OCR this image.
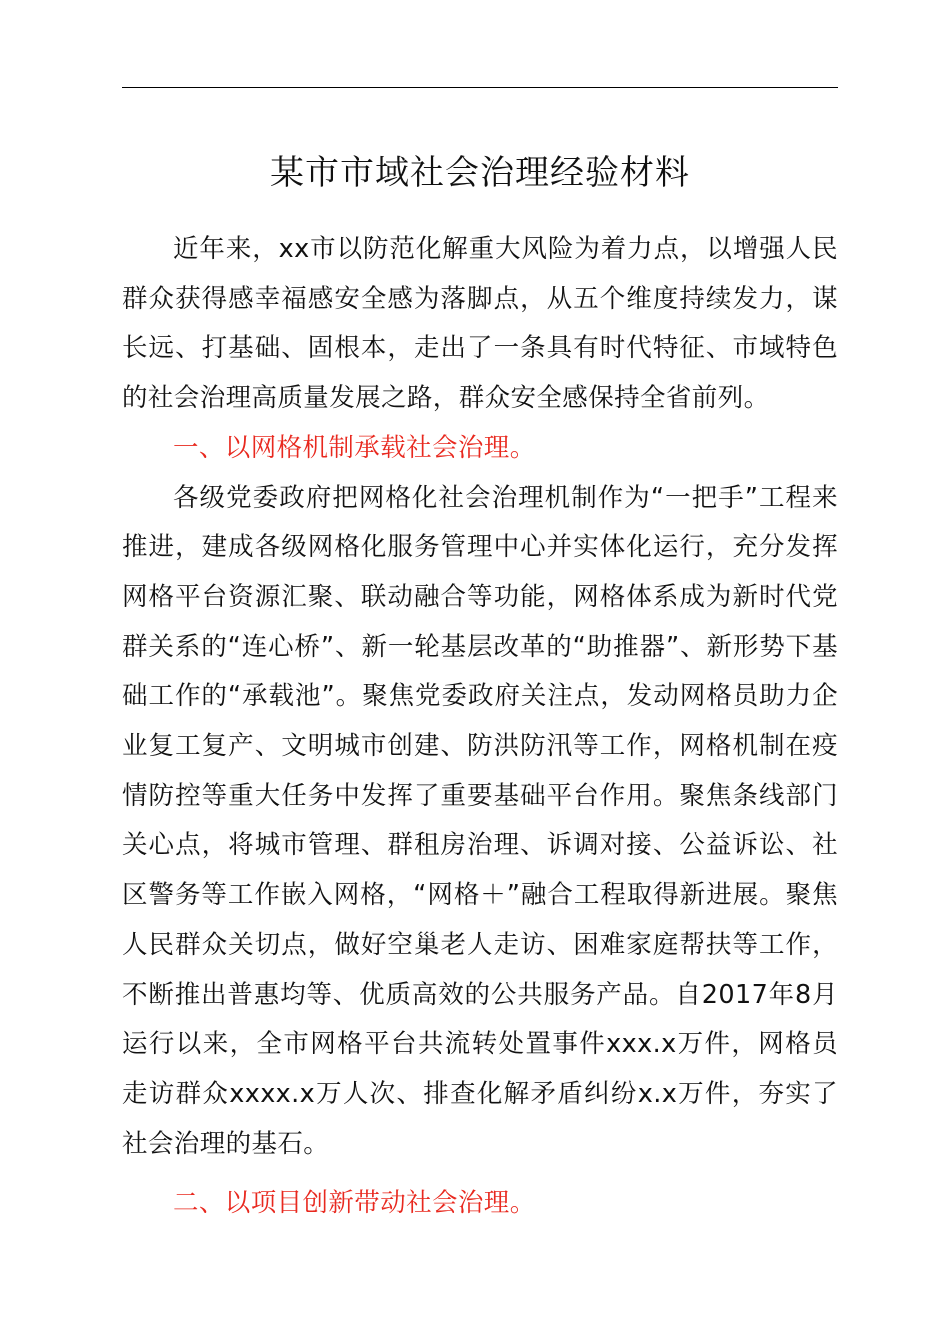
某市市域社会治理经验材料

近年来，xx市以防范化解重大风险为着力点，以增强人民群众获得感幸福感安全感为落脚点，从五个维度持续发力，谋长远、打基础、固根本，走出了一条具有时代特征、市域特色的社会治理高质量发展之路，群众安全感保持全省前列。

一、以网格机制承载社会治理。

各级党委政府把网格化社会治理机制作为“一把手”工程来推进，建成各级网格化服务管理中心并实体化运行，充分发挥网格平台资源汇聚、联动融合等功能，网格体系成为新时代党群关系的“连心桥”、新一轮基层改革的“助推器”、新形势下基础工作的“承载池”。聚焦党委政府关注点，发动网格员助力企业复工复产、文明城市创建、防洪防汛等工作，网格机制在疫情防控等重大任务中发挥了重要基础平台作用。聚焦条线部门关心点，将城市管理、群租房治理、诉调对接、公益诉讼、社区警务等工作嵌入网格，“网格＋”融合工程取得新进展。聚焦人民群众关切点，做好空巢老人走访、困难家庭帮扶等工作，不断推出普惠均等、优质高效的公共服务产品。自2017年8月运行以来，全市网格平台共流转处置事件xxx.x万件，网格员走访群众xxxx.x万人次、排查化解矛盾纠纷x.x万件，夯实了社会治理的基石。

二、以项目创新带动社会治理。
